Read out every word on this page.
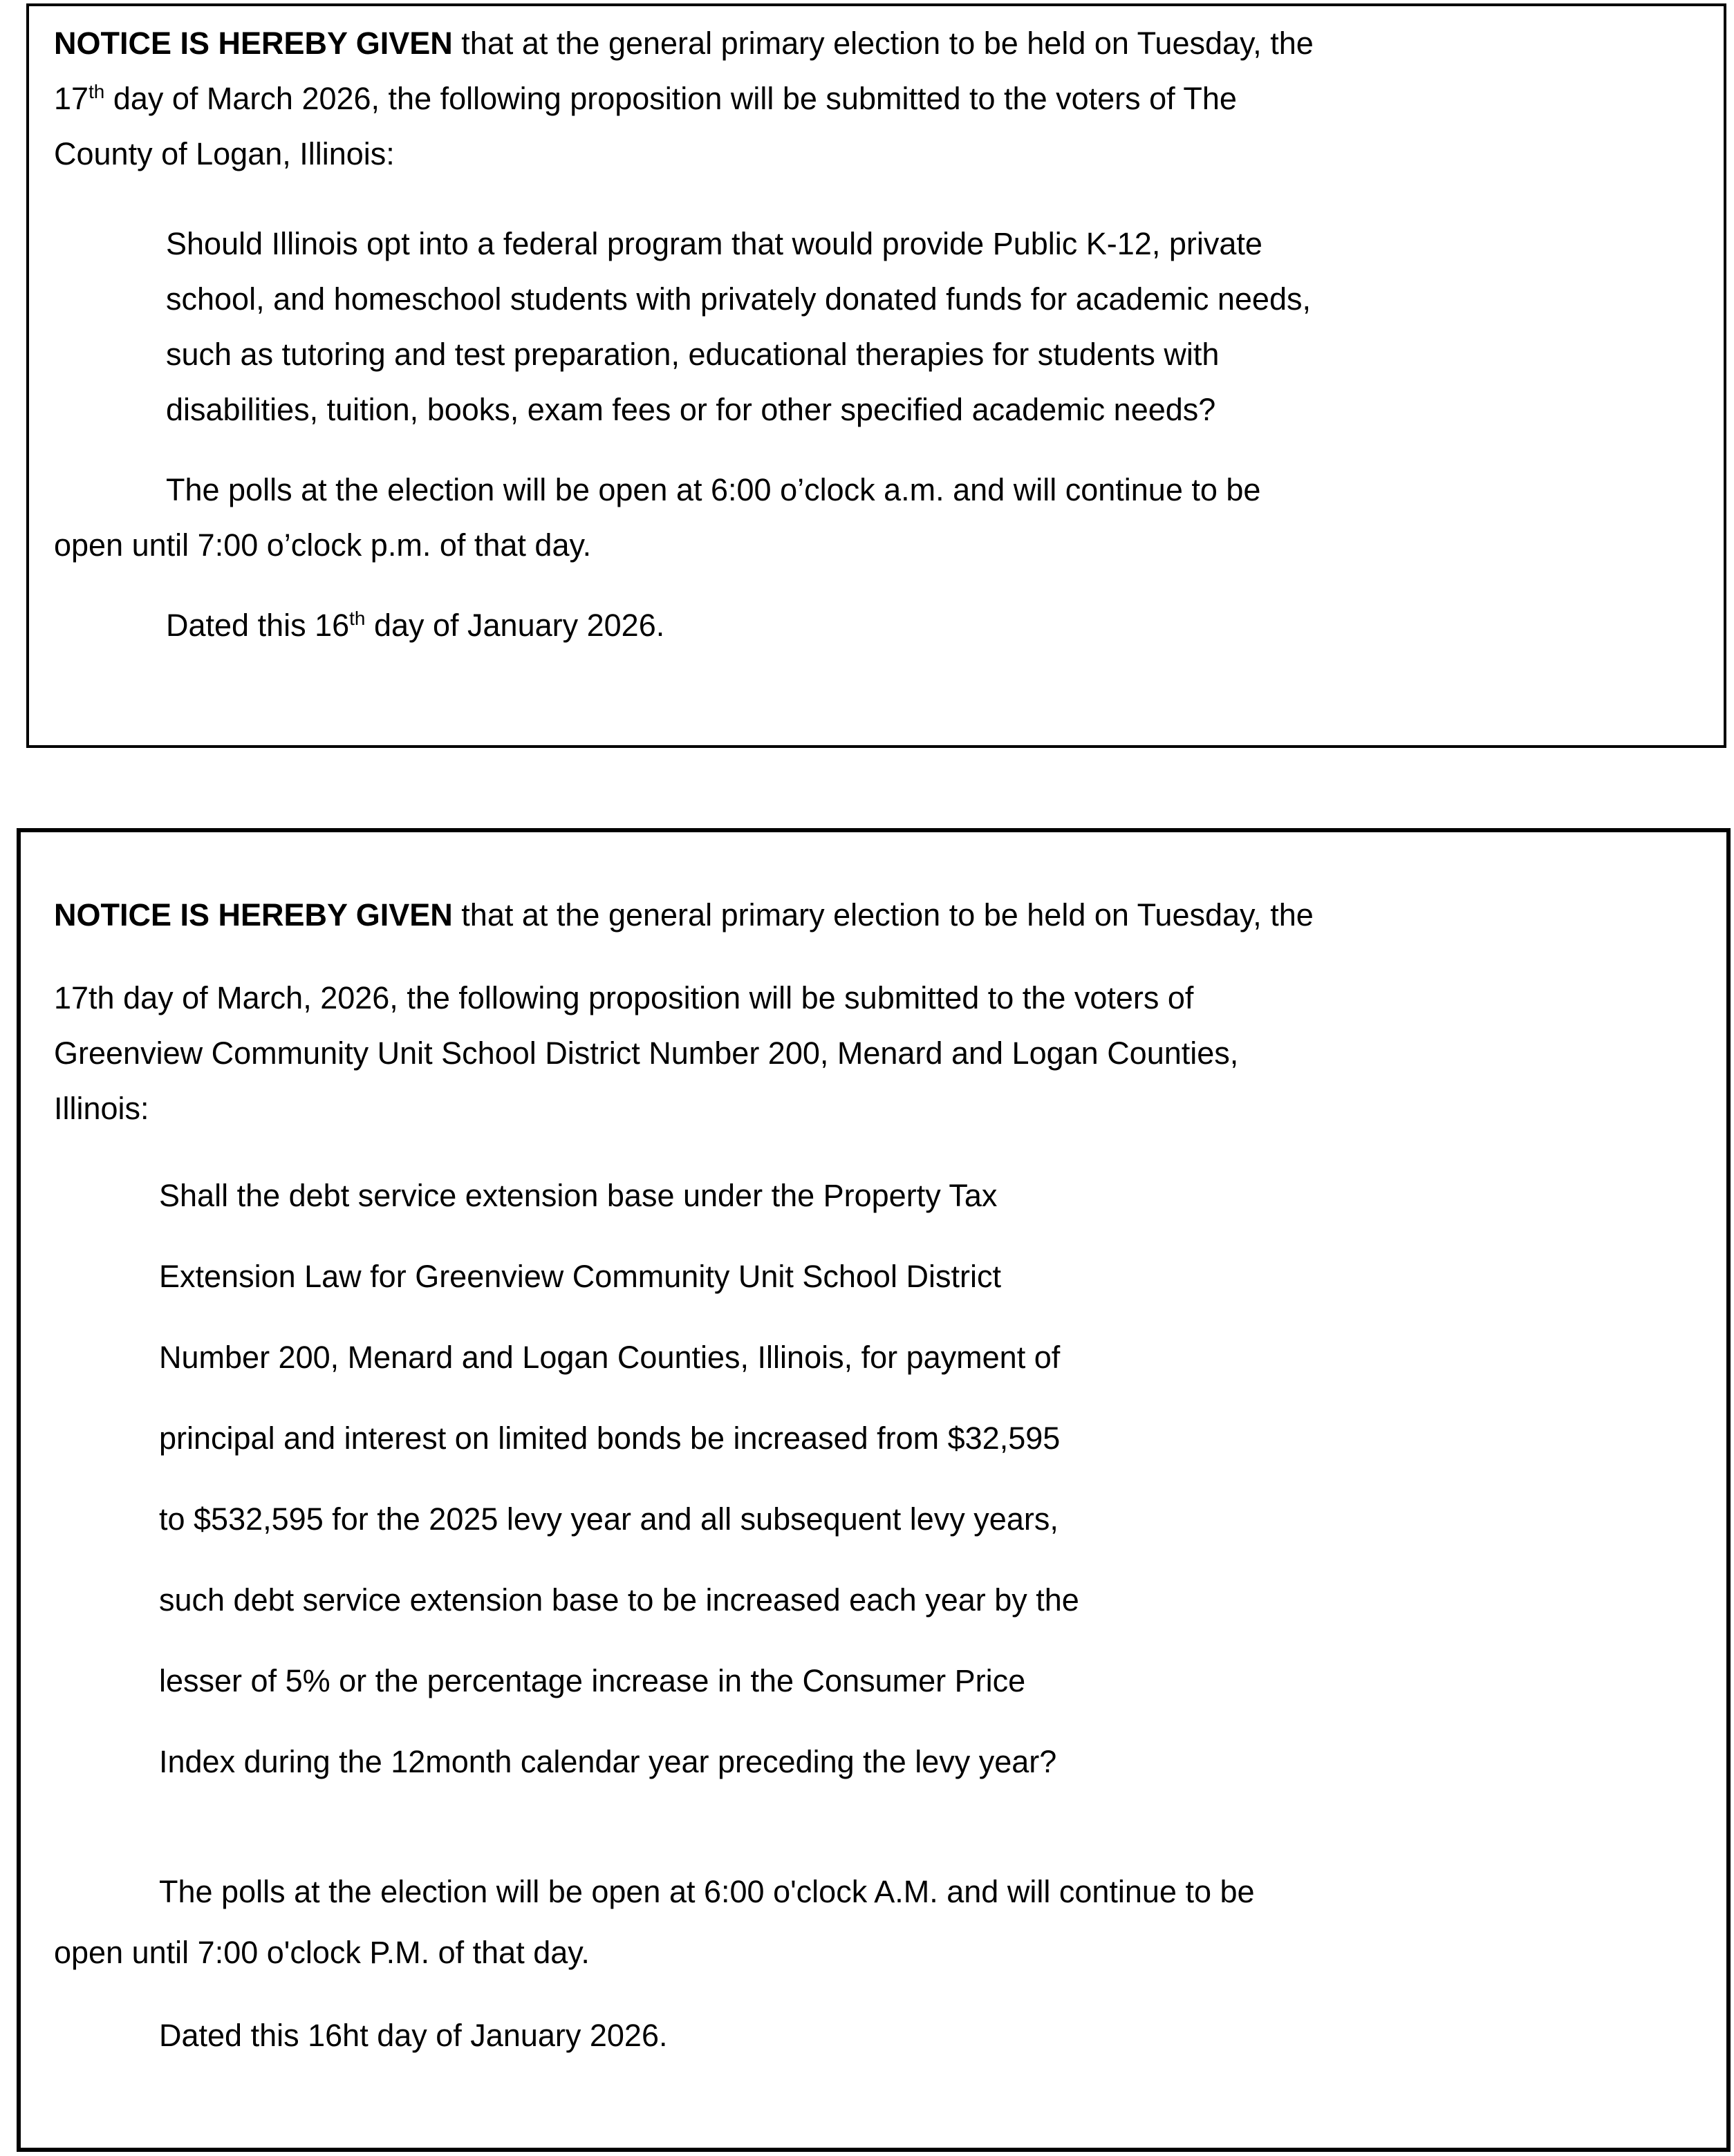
NOTICE IS HEREBY GIVEN that at the general primary election to be held on Tuesday, the
17th day of March 2026, the following proposition will be submitted to the voters of The
County of Logan, Illinois:
Should Illinois opt into a federal program that would provide Public K-12, private
school, and homeschool students with privately donated funds for academic needs,
such as tutoring and test preparation, educational therapies for students with
disabilities, tuition, books, exam fees or for other specified academic needs?
The polls at the election will be open at 6:00 o’clock a.m. and will continue to be
open until 7:00 o’clock p.m. of that day.
Dated this 16th day of January 2026.
NOTICE IS HEREBY GIVEN that at the general primary election to be held on Tuesday, the
17th day of March, 2026, the following proposition will be submitted to the voters of
Greenview Community Unit School District Number 200, Menard and Logan Counties,
Illinois:
Shall the debt service extension base under the Property Tax
Extension Law for Greenview Community Unit School District
Number 200, Menard and Logan Counties, Illinois, for payment of
principal and interest on limited bonds be increased from $32,595
to $532,595 for the 2025 levy year and all subsequent levy years,
such debt service extension base to be increased each year by the
lesser of 5% or the percentage increase in the Consumer Price
Index during the 12month calendar year preceding the levy year?
The polls at the election will be open at 6:00 o'clock A.M. and will continue to be
open until 7:00 o'clock P.M. of that day.
Dated this 16ht day of January 2026.
